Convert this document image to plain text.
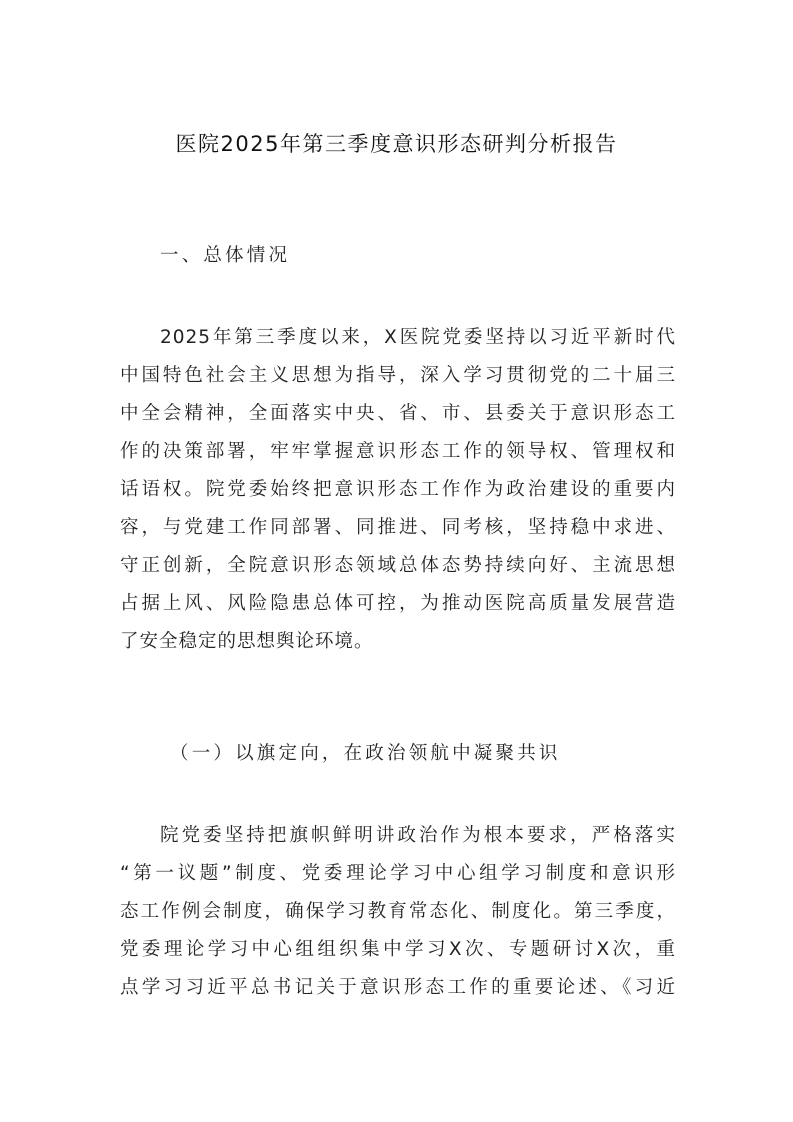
医院2025年第三季度意识形态研判分析报告
一、总体情况
2025年第三季度以来，X医院党委坚持以习近平新时代
中国特色社会主义思想为指导，深入学习贯彻党的二十届三
中全会精神，全面落实中央、省、市、县委关于意识形态工
作的决策部署，牢牢掌握意识形态工作的领导权、管理权和
话语权。院党委始终把意识形态工作作为政治建设的重要内
容，与党建工作同部署、同推进、同考核，坚持稳中求进、
守正创新，全院意识形态领域总体态势持续向好、主流思想
占据上风、风险隐患总体可控，为推动医院高质量发展营造
了安全稳定的思想舆论环境。
（一）以旗定向，在政治领航中凝聚共识
院党委坚持把旗帜鲜明讲政治作为根本要求，严格落实
“第一议题”制度、党委理论学习中心组学习制度和意识形
态工作例会制度，确保学习教育常态化、制度化。第三季度，
党委理论学习中心组组织集中学习X次、专题研讨X次，重
点学习习近平总书记关于意识形态工作的重要论述、《习近
